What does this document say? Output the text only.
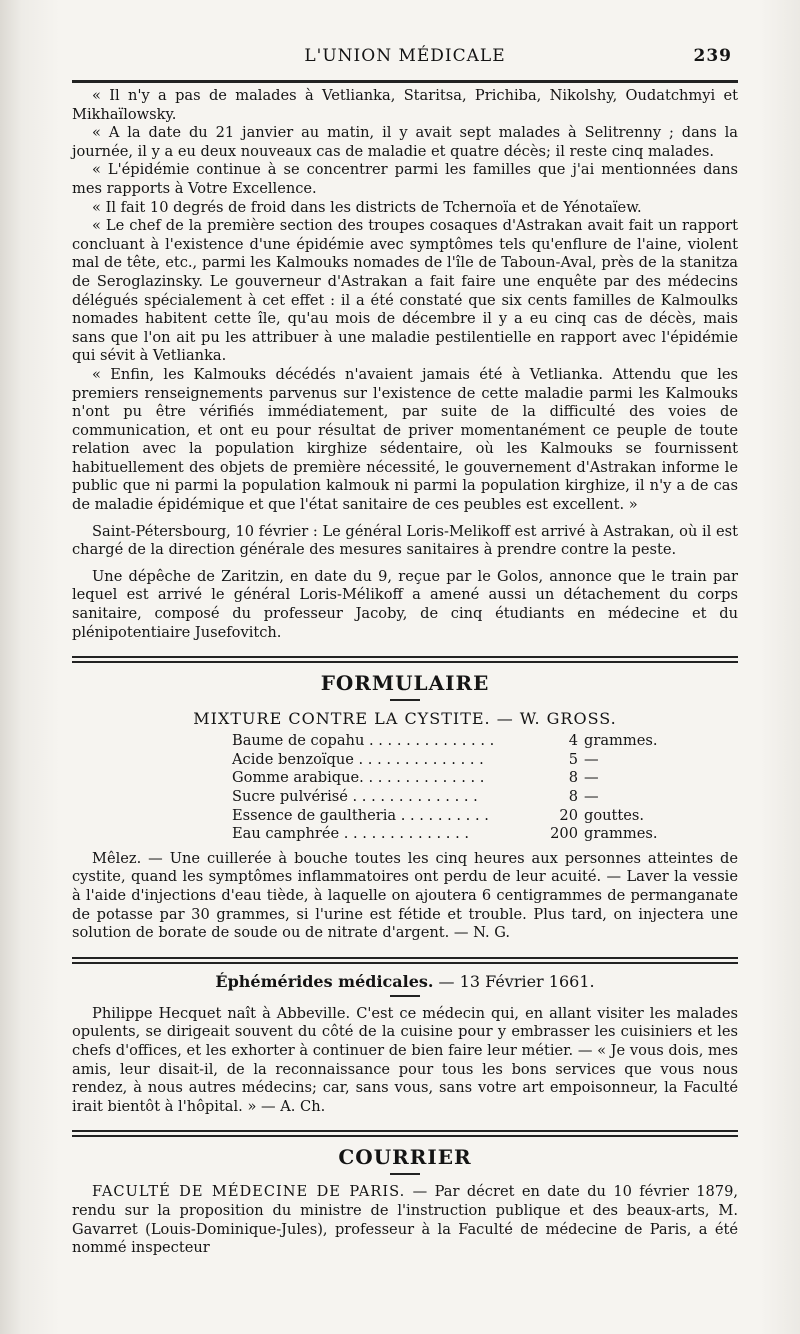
L'UNION MÉDICALE	239

« Il n'y a pas de malades à Vetlianka, Staritsa, Prichiba, Nikolshy, Oudatchmyi et Mikhaïlowsky.

« A la date du 21 janvier au matin, il y avait sept malades à Selitrenny ; dans la journée, il y a eu deux nouveaux cas de maladie et quatre décès; il reste cinq malades.

« L'épidémie continue à se concentrer parmi les familles que j'ai mentionnées dans mes rapports à Votre Excellence.

« Il fait 10 degrés de froid dans les districts de Tchernoïa et de Yénotaïew.

« Le chef de la première section des troupes cosaques d'Astrakan avait fait un rapport concluant à l'existence d'une épidémie avec symptômes tels qu'enflure de l'aine, violent mal de tête, etc., parmi les Kalmouks nomades de l'île de Taboun-Aval, près de la stanitza de Seroglazinsky. Le gouverneur d'Astrakan a fait faire une enquête par des médecins délégués spécialement à cet effet : il a été constaté que six cents familles de Kalmoulks nomades habitent cette île, qu'au mois de décembre il y a eu cinq cas de décès, mais sans que l'on ait pu les attribuer à une maladie pestilentielle en rapport avec l'épidémie qui sévit à Vetlianka.

« Enfin, les Kalmouks décédés n'avaient jamais été à Vetlianka. Attendu que les premiers renseignements parvenus sur l'existence de cette maladie parmi les Kalmouks n'ont pu être vérifiés immédiatement, par suite de la difficulté des voies de communication, et ont eu pour résultat de priver momentanément ce peuple de toute relation avec la population kirghize sédentaire, où les Kalmouks se fournissent habituellement des objets de première nécessité, le gouvernement d'Astrakan informe le public que ni parmi la population kalmouk ni parmi la population kirghize, il n'y a de cas de maladie épidémique et que l'état sanitaire de ces peubles est excellent. »

Saint-Pétersbourg, 10 février : Le général Loris-Melikoff est arrivé à Astrakan, où il est chargé de la direction générale des mesures sanitaires à prendre contre la peste.

Une dépêche de Zaritzin, en date du 9, reçue par le Golos, annonce que le train par lequel est arrivé le général Loris-Mélikoff a amené aussi un détachement du corps sanitaire, composé du professeur Jacoby, de cinq étudiants en médecine et du plénipotentiaire Jusefovitch.

FORMULAIRE
MIXTURE CONTRE LA CYSTITE. — W. GROSS.
Baume de copahu . . . . . . . . . . . . . .	4	grammes.
Acide benzoïque . . . . . . . . . . . . . .	5	—
Gomme arabique. . . . . . . . . . . . . .	8	—
Sucre pulvérisé . . . . . . . . . . . . . .	8	—
Essence de gaultheria . . . . . . . . . .	20	gouttes.
Eau camphrée . . . . . . . . . . . . . .	200	grammes.

Mêlez. — Une cuillerée à bouche toutes les cinq heures aux personnes atteintes de cystite, quand les symptômes inflammatoires ont perdu de leur acuité. — Laver la vessie à l'aide d'injections d'eau tiède, à laquelle on ajoutera 6 centigrammes de permanganate de potasse par 30 grammes, si l'urine est fétide et trouble. Plus tard, on injectera une solution de borate de soude ou de nitrate d'argent. — N. G.

Éphémérides médicales. — 13 Février 1661.

Philippe Hecquet naît à Abbeville. C'est ce médecin qui, en allant visiter les malades opulents, se dirigeait souvent du côté de la cuisine pour y embrasser les cuisiniers et les chefs d'offices, et les exhorter à continuer de bien faire leur métier. — « Je vous dois, mes amis, leur disait-il, de la reconnaissance pour tous les bons services que vous nous rendez, à nous autres médecins; car, sans vous, sans votre art empoisonneur, la Faculté irait bientôt à l'hôpital. » — A. Ch.

COURRIER

FACULTÉ DE MÉDECINE DE PARIS. — Par décret en date du 10 février 1879, rendu sur la proposition du ministre de l'instruction publique et des beaux-arts, M. Gavarret (Louis-Dominique-Jules), professeur à la Faculté de médecine de Paris, a été nommé inspecteur
